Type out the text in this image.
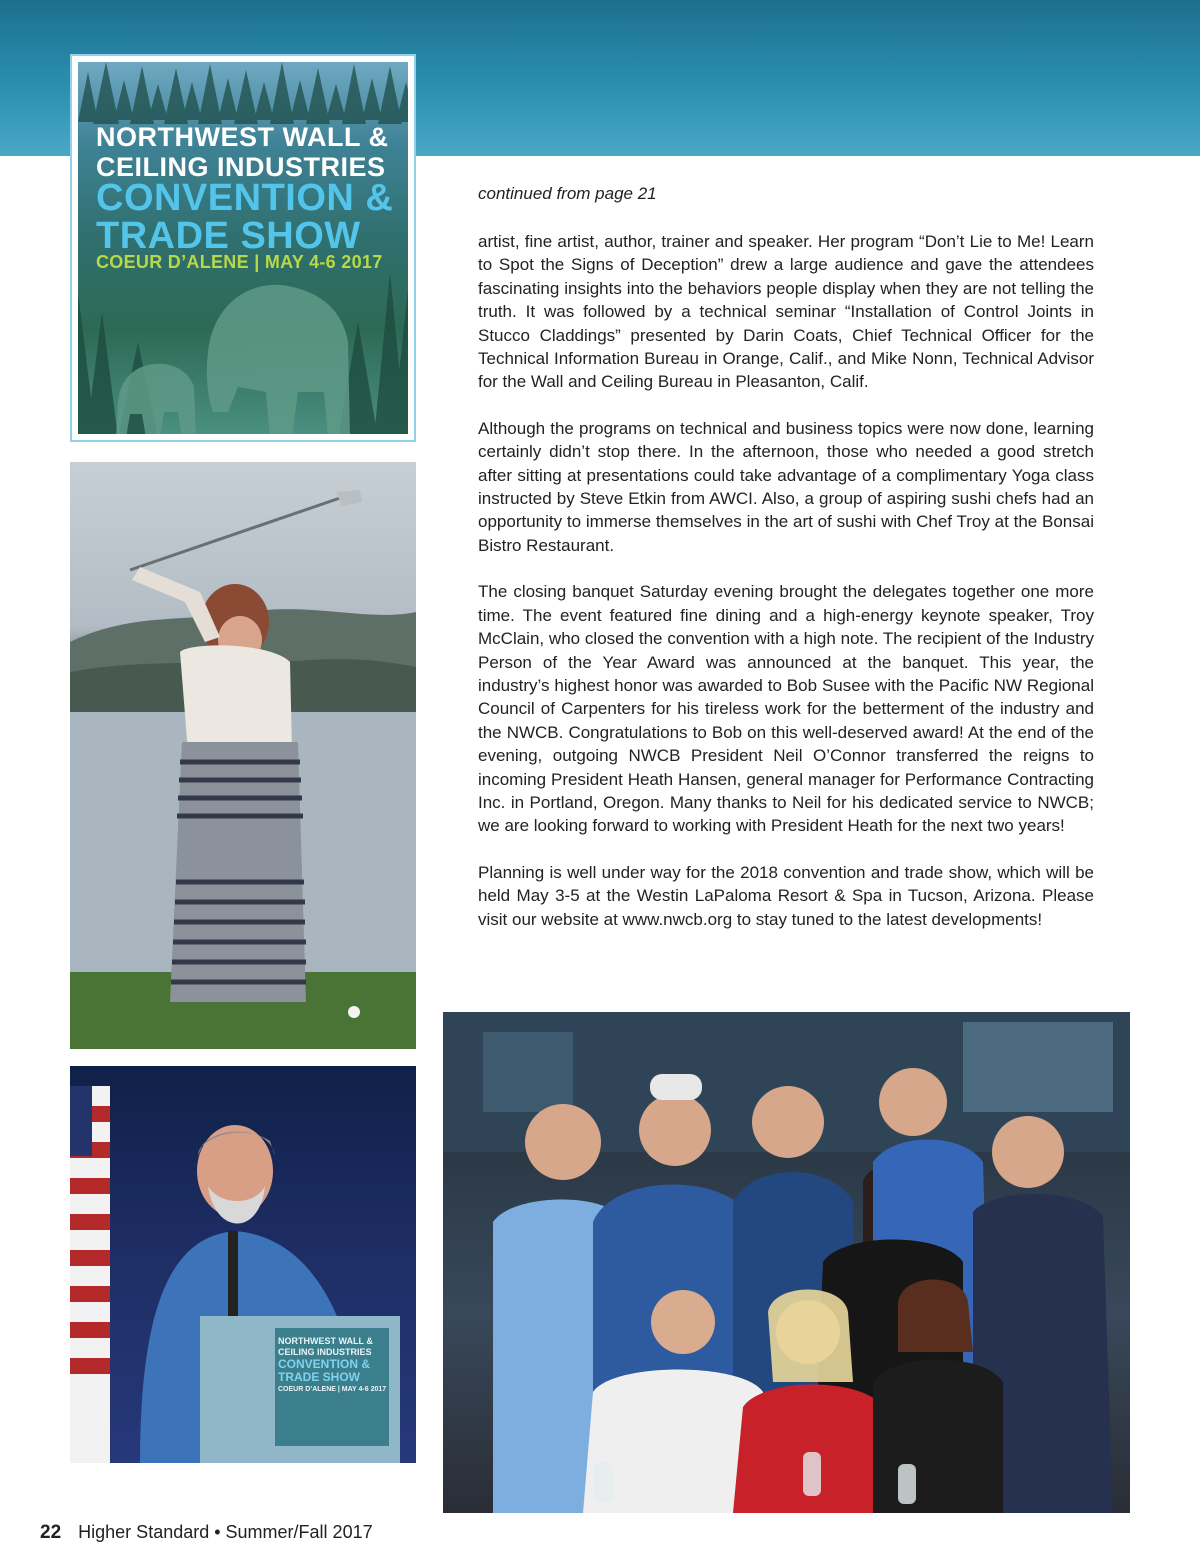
NORTHWEST WALL &
CEILING INDUSTRIES
CONVENTION &
TRADE SHOW
COEUR D’ALENE | MAY 4-6 2017
NORTHWEST WALL &
CEILING INDUSTRIES
CONVENTION &
TRADE SHOW
COEUR D’ALENE | MAY 4-6 2017
continued from page 21

artist, fine artist, author, trainer and speaker. Her program “Don’t Lie to Me! Learn to Spot the Signs of Deception” drew a large audience and gave the attendees fascinating insights into the behaviors people display when they are not telling the truth. It was followed by a technical seminar “Installation of Control Joints in Stucco Claddings” presented by Darin Coats, Chief Technical Officer for the Technical Information Bureau in Orange, Calif., and Mike Nonn, Technical Advisor for the Wall and Ceiling Bureau in Pleasanton, Calif.

Although the programs on technical and business topics were now done, learning certainly didn’t stop there. In the afternoon, those who needed a good stretch after sitting at presentations could take advantage of a complimentary Yoga class instructed by Steve Etkin from AWCI. Also, a group of aspiring sushi chefs had an opportunity to immerse themselves in the art of sushi with Chef Troy at the Bonsai Bistro Restaurant.

The closing banquet Saturday evening brought the delegates together one more time. The event featured fine dining and a high-energy keynote speaker, Troy McClain, who closed the convention with a high note. The recipient of the Industry Person of the Year Award was announced at the banquet. This year, the industry’s highest honor was awarded to Bob Susee with the Pacific NW Regional Council of Carpenters for his tireless work for the betterment of the industry and the NWCB. Congratulations to Bob on this well-deserved award! At the end of the evening, outgoing NWCB President Neil O’Connor transferred the reigns to incoming President Heath Hansen, general manager for Performance Contracting Inc. in Portland, Oregon. Many thanks to Neil for his dedicated service to NWCB; we are looking forward to working with President Heath for the next two years!

Planning is well under way for the 2018 convention and trade show, which will be held May 3-5 at the Westin LaPaloma Resort & Spa in Tucson, Arizona. Please visit our website at www.nwcb.org to stay tuned to the latest developments!

22 Higher Standard • Summer/Fall 2017
